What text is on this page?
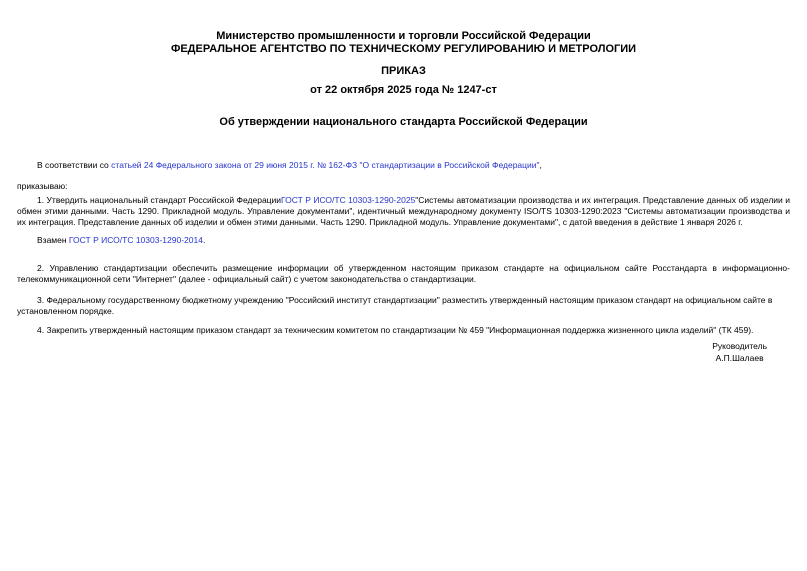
Министерство промышленности и торговли Российской Федерации
ФЕДЕРАЛЬНОЕ АГЕНТСТВО ПО ТЕХНИЧЕСКОМУ РЕГУЛИРОВАНИЮ И МЕТРОЛОГИИ
ПРИКАЗ
от 22 октября 2025 года № 1247-ст
Об утверждении национального стандарта Российской Федерации

В соответствии со статьей 24 Федерального закона от 29 июня 2015 г. № 162-ФЗ "О стандартизации в Российской Федерации",

приказываю:

1. Утвердить национальный стандарт Российской ФедерацииГОСТ Р ИСО/ТС 10303-1290-2025"Системы автоматизации производства и их интеграция. Представление данных об изделии и обмен этими данными. Часть 1290. Прикладной модуль. Управление документами", идентичный международному документу ISO/TS 10303-1290:2023 "Системы автоматизации производства и их интеграция. Представление данных об изделии и обмен этими данными. Часть 1290. Прикладной модуль. Управление документами", с датой введения в действие 1 января 2026 г.

Взамен ГОСТ Р ИСО/ТС 10303-1290-2014.

2. Управлению стандартизации обеспечить размещение информации об утвержденном настоящим приказом стандарте на официальном сайте Росстандарта в информационно-телекоммуникационной сети "Интернет" (далее - официальный сайт) с учетом законодательства о стандартизации.

3. Федеральному государственному бюджетному учреждению "Российский институт стандартизации" разместить утвержденный настоящим приказом стандарт на официальном сайте в установленном порядке.

4. Закрепить утвержденный настоящим приказом стандарт за техническим комитетом по стандартизации № 459 "Информационная поддержка жизненного цикла изделий" (ТК 459).

Руководитель
А.П.Шалаев
